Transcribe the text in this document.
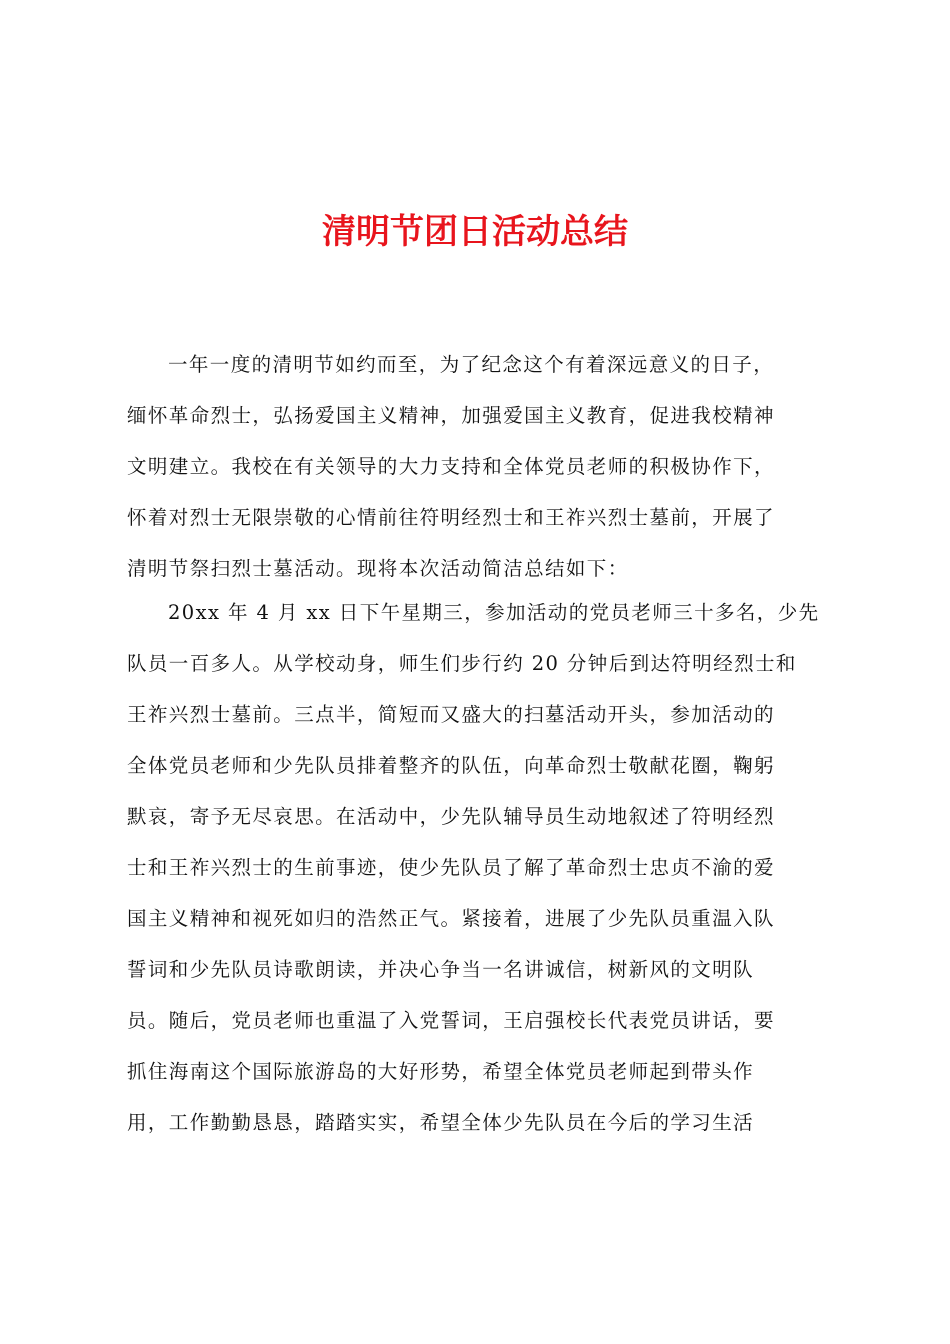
清明节团日活动总结
一年一度的清明节如约而至，为了纪念这个有着深远意义的日子，
缅怀革命烈士，弘扬爱国主义精神，加强爱国主义教育，促进我校精神
文明建立。我校在有关领导的大力支持和全体党员老师的积极协作下，
怀着对烈士无限崇敬的心情前往符明经烈士和王祚兴烈士墓前，开展了
清明节祭扫烈士墓活动。现将本次活动简洁总结如下：
20xx 年 4 月 xx 日下午星期三，参加活动的党员老师三十多名，少先
队员一百多人。从学校动身，师生们步行约 20 分钟后到达符明经烈士和
王祚兴烈士墓前。三点半，简短而又盛大的扫墓活动开头，参加活动的
全体党员老师和少先队员排着整齐的队伍，向革命烈士敬献花圈，鞠躬
默哀，寄予无尽哀思。在活动中，少先队辅导员生动地叙述了符明经烈
士和王祚兴烈士的生前事迹，使少先队员了解了革命烈士忠贞不渝的爱
国主义精神和视死如归的浩然正气。紧接着，进展了少先队员重温入队
誓词和少先队员诗歌朗读，并决心争当一名讲诚信，树新风的文明队
员。随后，党员老师也重温了入党誓词，王启强校长代表党员讲话，要
抓住海南这个国际旅游岛的大好形势，希望全体党员老师起到带头作
用，工作勤勤恳恳，踏踏实实，希望全体少先队员在今后的学习生活
